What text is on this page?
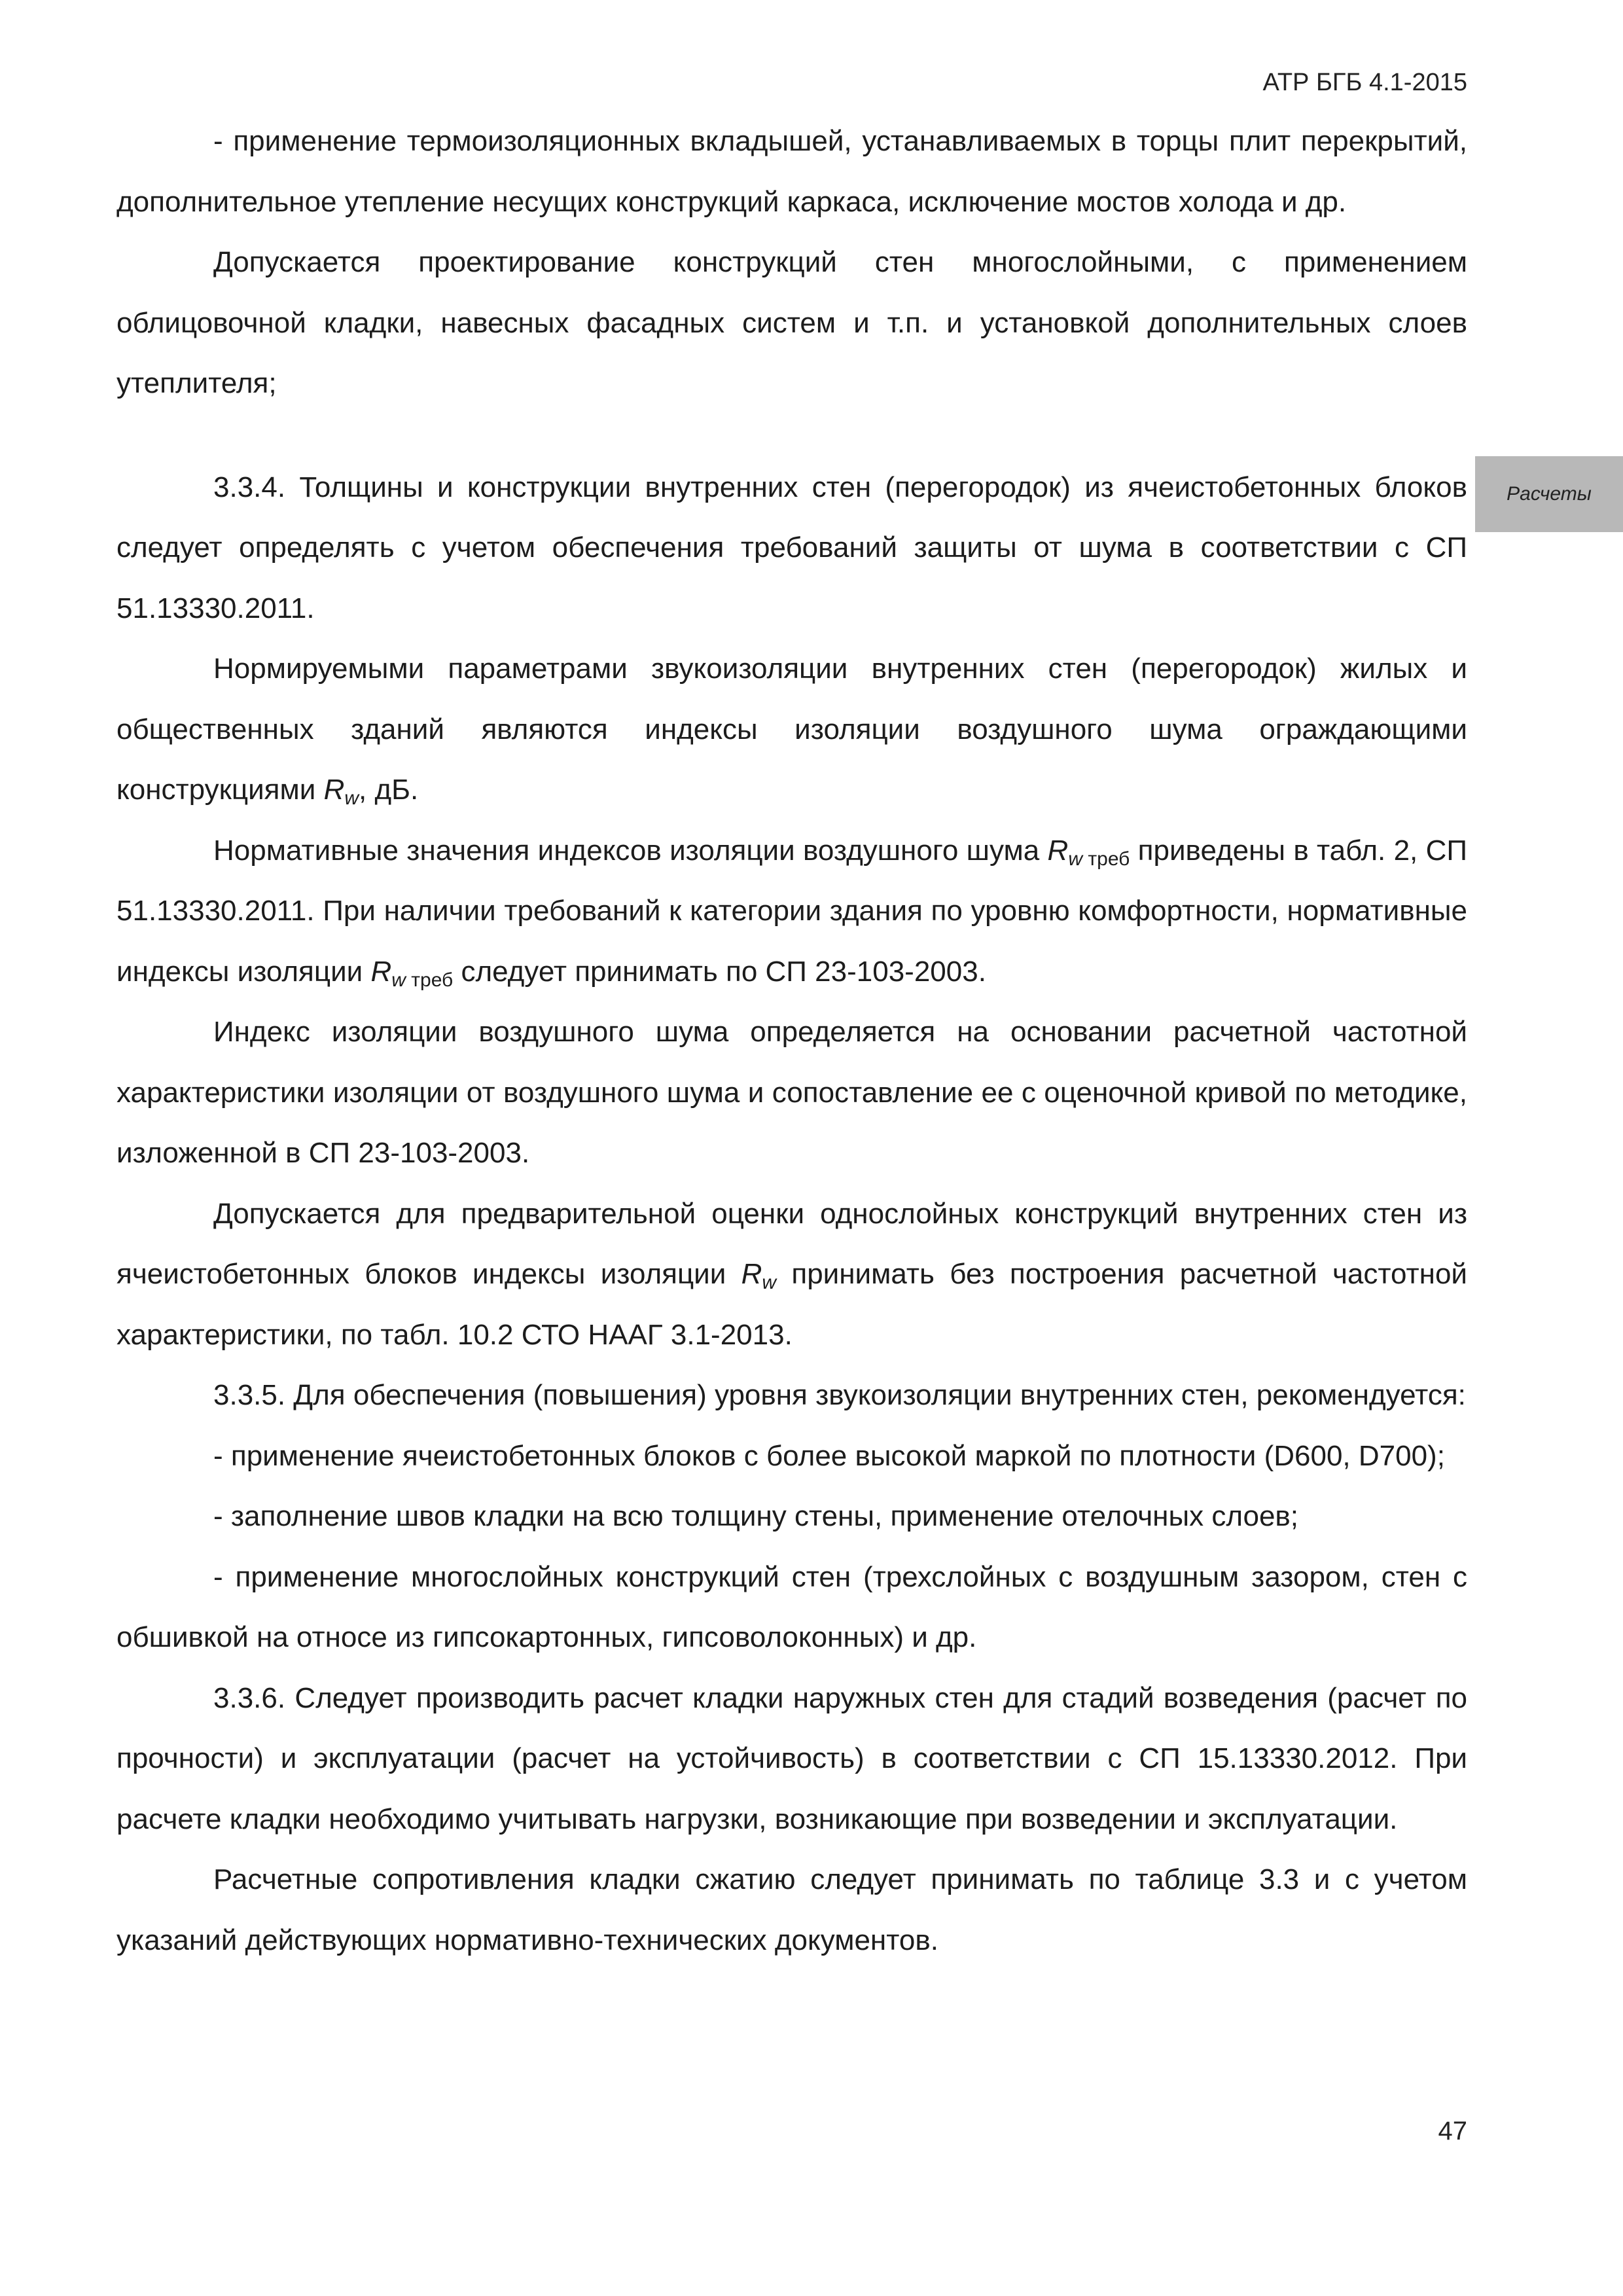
АТР БГБ 4.1-2015
Расчеты

- применение термоизоляционных вкладышей, устанавливаемых в торцы плит перекрытий, дополнительное утепление несущих конструкций каркаса, исключение мостов холода и др.

Допускается проектирование конструкций стен многослойными, с применением облицовочной кладки, навесных фасадных систем и т.п. и установкой дополнительных слоев утеплителя;

3.3.4. Толщины и конструкции внутренних стен (перегородок) из ячеистобетонных блоков следует определять с учетом обеспечения требований защиты от шума в соответствии с СП 51.13330.2011.

Нормируемыми параметрами звукоизоляции внутренних стен (перегородок) жилых и общественных зданий являются индексы изоляции воздушного шума ограждающими конструкциями $R_w$, дБ.

Нормативные значения индексов изоляции воздушного шума $R_{w треб}$ приведены в табл. 2, СП 51.13330.2011. При наличии требований к категории здания по уровню комфортности, нормативные индексы изоляции $R_{w треб}$ следует принимать по СП 23-103-2003.

Индекс изоляции воздушного шума определяется на основании расчетной частотной характеристики изоляции от воздушного шума и сопоставление ее с оценочной кривой по методике, изложенной в СП 23-103-2003.

Допускается для предварительной оценки однослойных конструкций внутренних стен из ячеистобетонных блоков индексы изоляции $R_w$ принимать без построения расчетной частотной характеристики, по табл. 10.2 СТО НААГ 3.1-2013.

3.3.5. Для обеспечения (повышения) уровня звукоизоляции внутренних стен, рекомендуется:

- применение ячеистобетонных блоков с более высокой маркой по плотности (D600, D700);

- заполнение швов кладки на всю толщину стены, применение отелочных слоев;

- применение многослойных конструкций стен (трехслойных с воздушным зазором, стен с обшивкой на относе из гипсокартонных, гипсоволоконных) и др.

3.3.6. Следует производить расчет кладки наружных стен для стадий возведения (расчет по прочности) и эксплуатации (расчет на устойчивость) в соответствии с СП 15.13330.2012. При расчете кладки необходимо учитывать нагрузки, возникающие при возведении и эксплуатации.

Расчетные сопротивления кладки сжатию следует принимать по таблице 3.3 и с учетом указаний действующих нормативно-технических документов.

47
